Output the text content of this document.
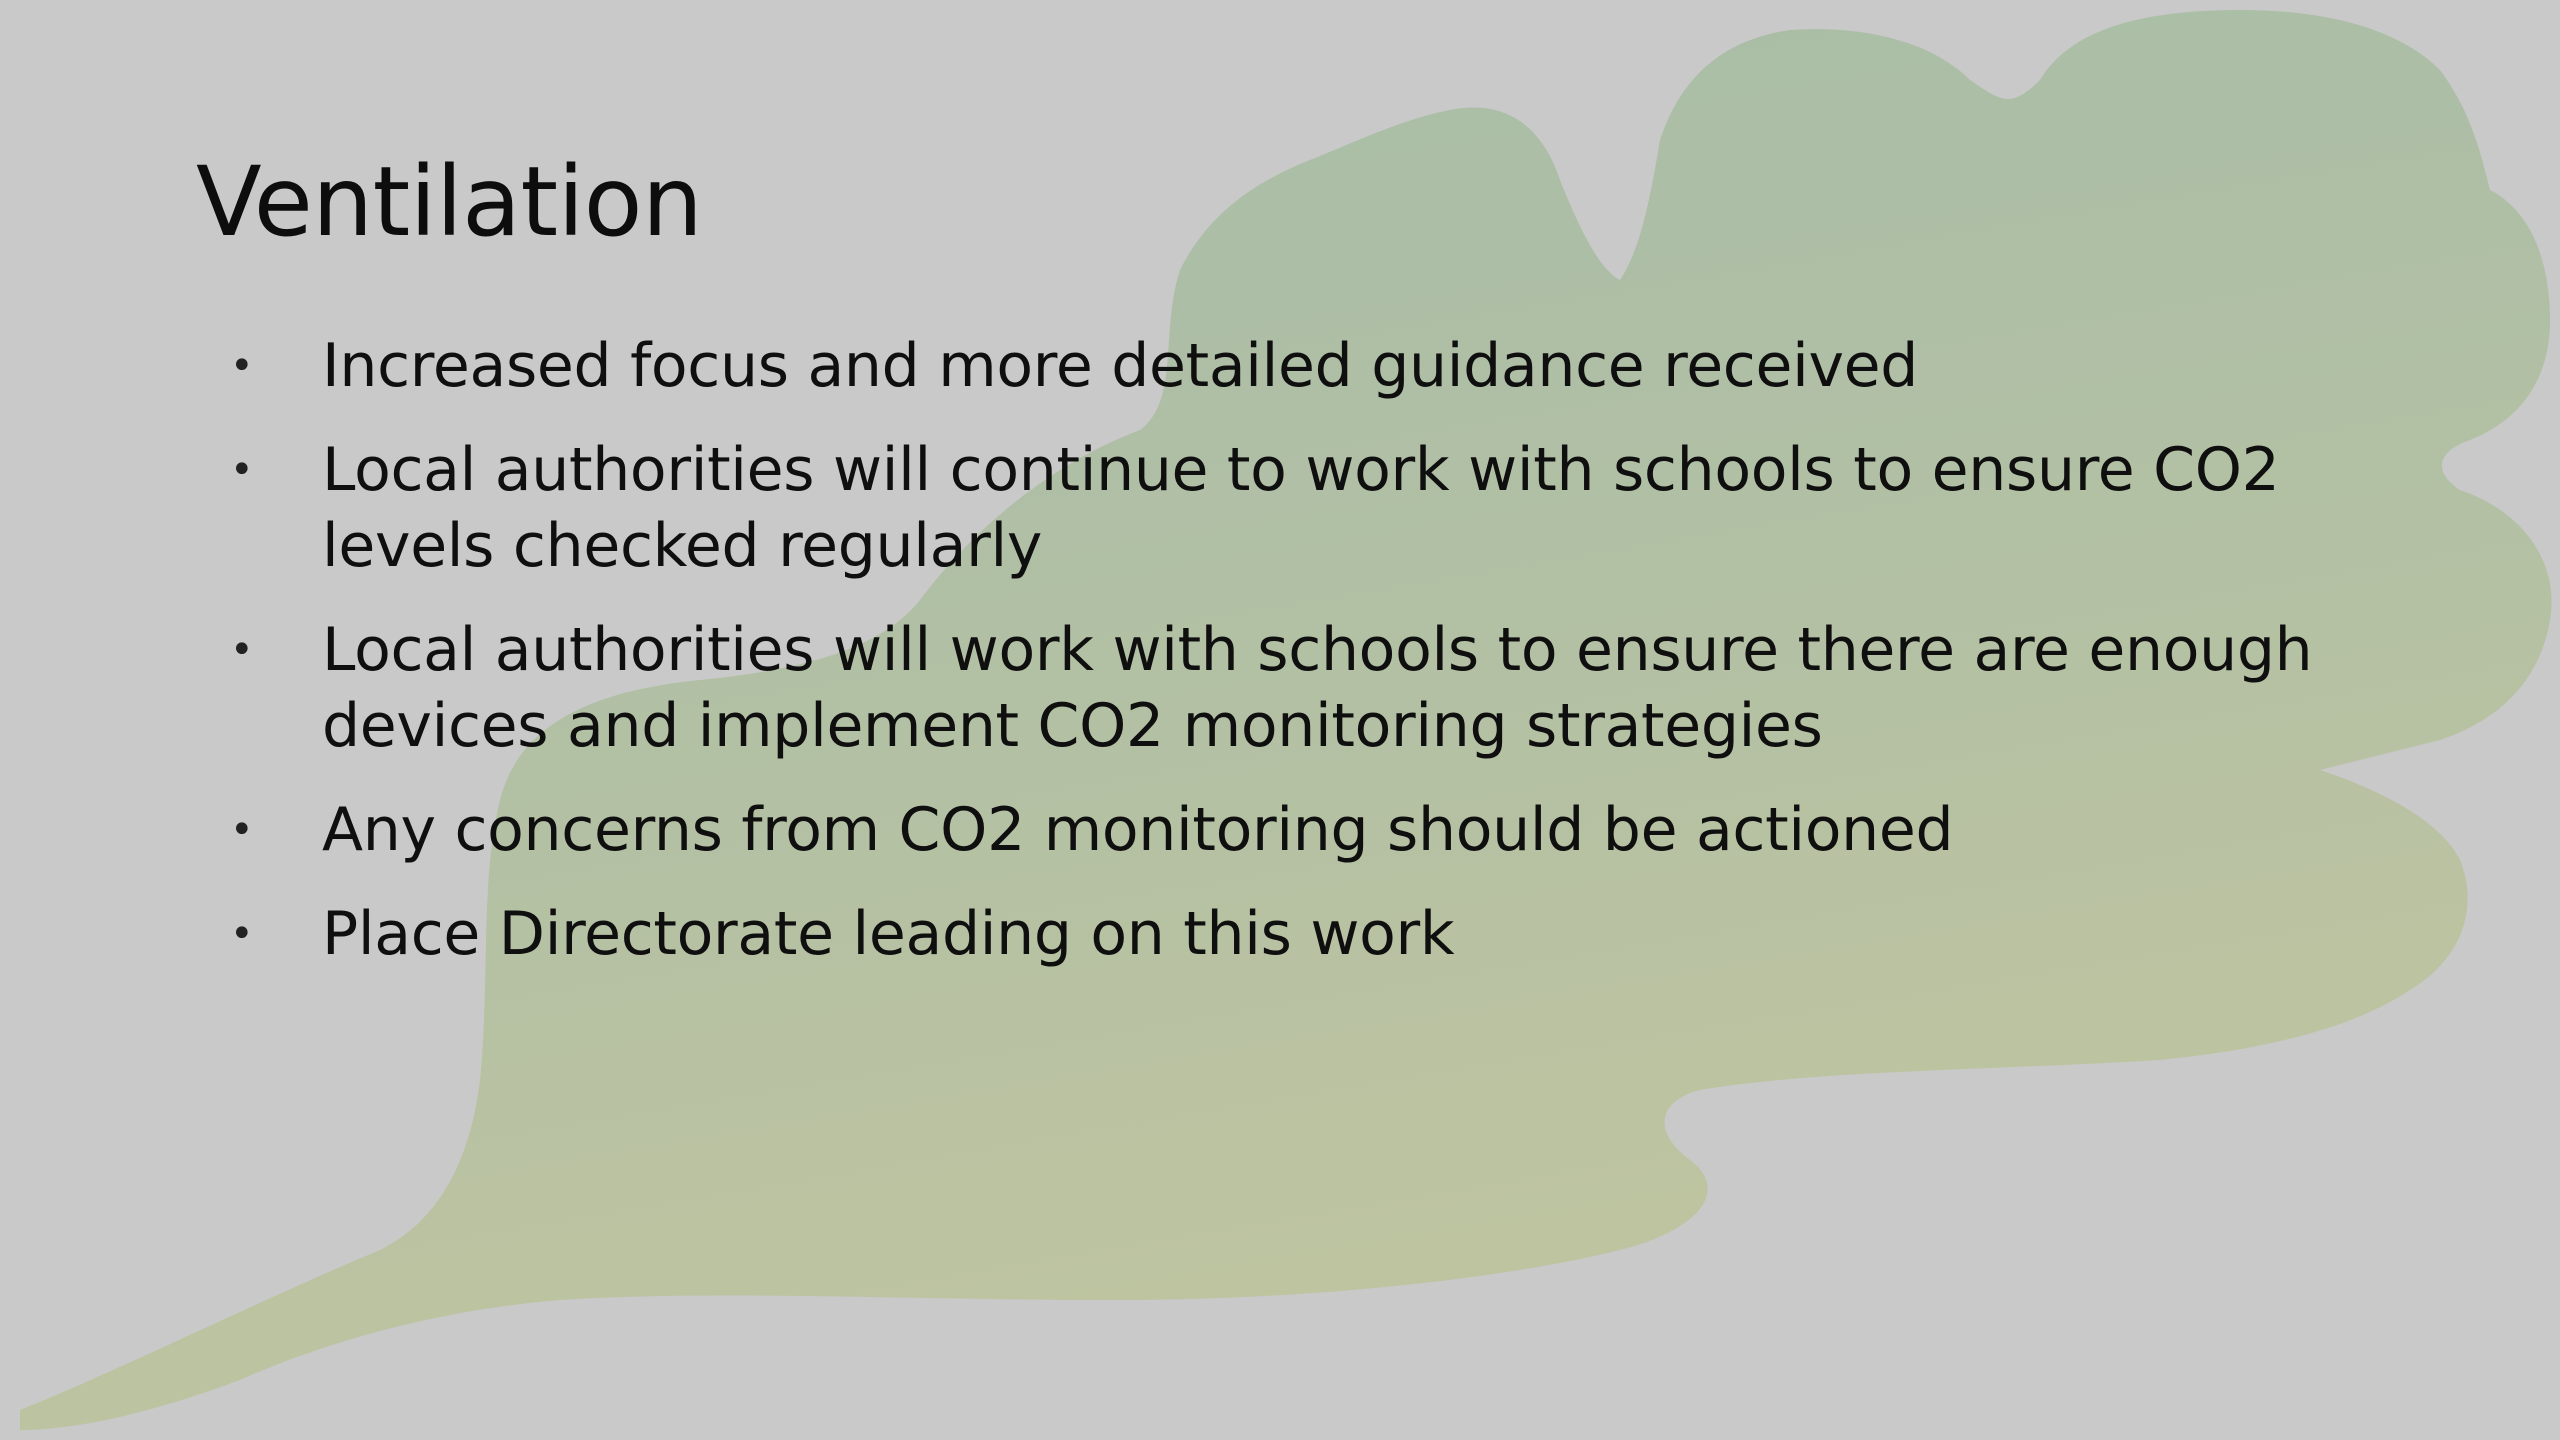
Ventilation
•	Increased focus and more detailed guidance received
•	Local authorities will continue to work with schools to ensure CO2 levels checked regularly
•	Local authorities will work with schools to ensure there are enough devices and implement CO2 monitoring strategies
•	Any concerns from CO2 monitoring should be actioned
•	Place Directorate leading on this work
